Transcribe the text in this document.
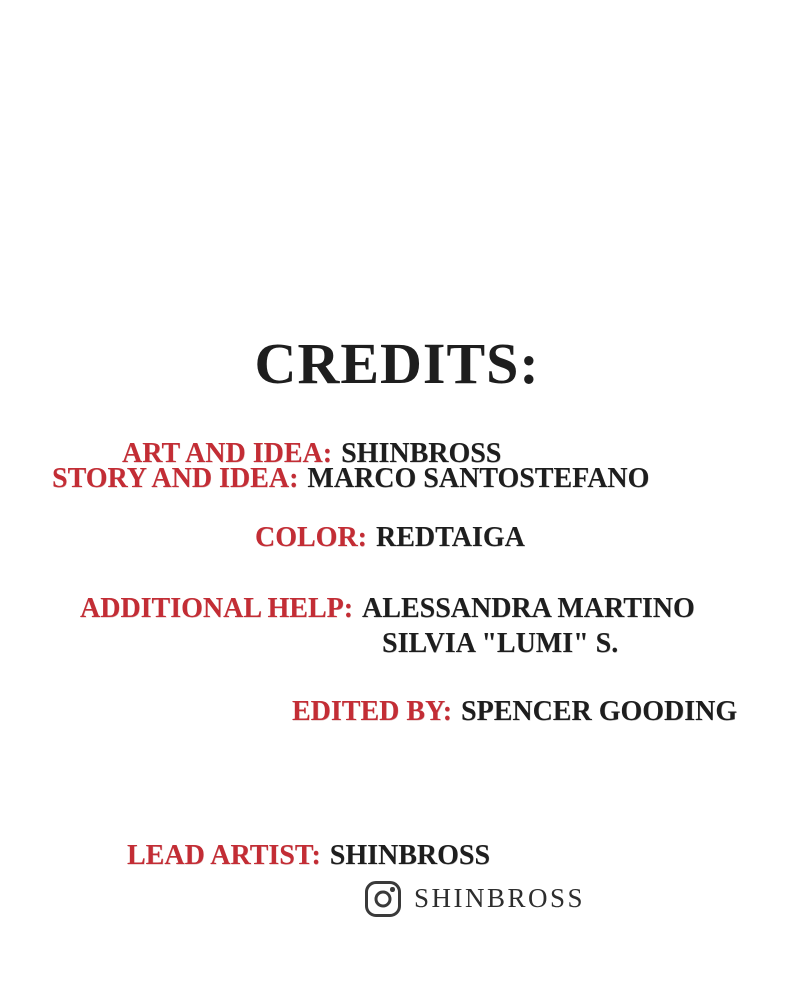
CREDITS:
ART AND IDEA: SHINBROSS
STORY AND IDEA: MARCO SANTOSTEFANO
COLOR: REDTAIGA
ADDITIONAL HELP: ALESSANDRA MARTINO
SILVIA "LUMI" S.
EDITED BY: SPENCER GOODING
LEAD ARTIST: SHINBROSS
SHINBROSS
